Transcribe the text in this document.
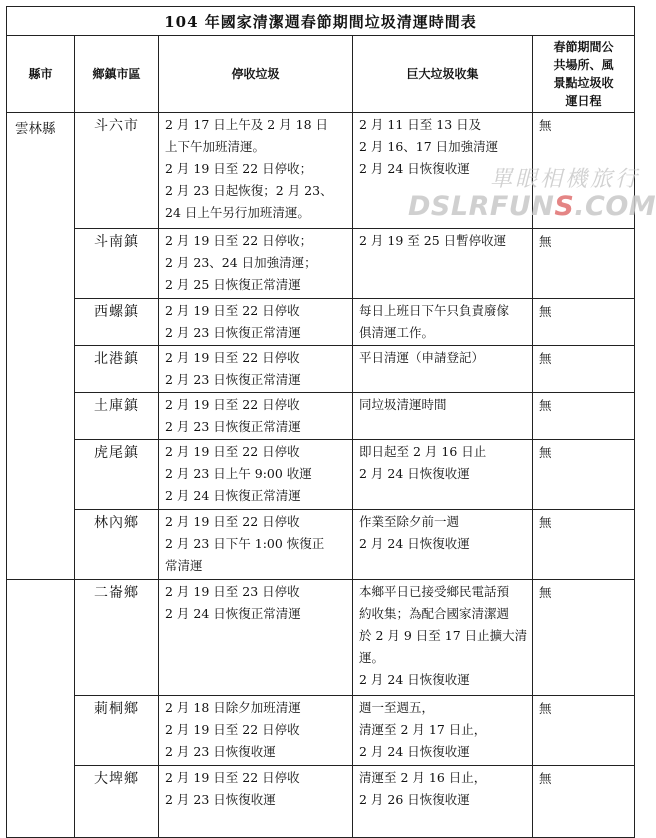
104 年國家清潔週春節期間垃圾清運時間表				
縣市	鄉鎮市區	停收垃圾	巨大垃圾收集	春節期間公
共場所、風
景點垃圾收
運日程

雲林縣	斗六市	2 月 17 日上午及 2 月 18 日
上下午加班清運。
2 月 19 日至 22 日停收；
2 月 23 日起恢復；2 月 23、
24 日上午另行加班清運。	2 月 11 日至 13 日及
2 月 16、17 日加強清運
2 月 24 日恢復收運	無
	斗南鎮	2 月 19 日至 22 日停收；
2 月 23、24 日加強清運；
2 月 25 日恢復正常清運	2 月 19 至 25 日暫停收運	無
	西螺鎮	2 月 19 日至 22 日停收
2 月 23 日恢復正常清運	每日上班日下午只負責廢傢
俱清運工作。	無
	北港鎮	2 月 19 日至 22 日停收
2 月 23 日恢復正常清運	平日清運（申請登記）	無
	土庫鎮	2 月 19 日至 22 日停收
2 月 23 日恢復正常清運	同垃圾清運時間	無
	虎尾鎮	2 月 19 日至 22 日停收
2 月 23 日上午 9:00 收運
2 月 24 日恢復正常清運	即日起至 2 月 16 日止
2 月 24 日恢復收運	無
	林內鄉	2 月 19 日至 22 日停收
2 月 23 日下午 1:00 恢復正
常清運	作業至除夕前一週
2 月 24 日恢復收運	無
	二崙鄉	2 月 19 日至 23 日停收
2 月 24 日恢復正常清運	本鄉平日已接受鄉民電話預
約收集；為配合國家清潔週
於 2 月 9 日至 17 日止擴大清
運。
2 月 24 日恢復收運	無
	莿桐鄉	2 月 18 日除夕加班清運
2 月 19 日至 22 日停收
2 月 23 日恢復收運	週一至週五，
清運至 2 月 17 日止，
2 月 24 日恢復收運	無
	大埤鄉	2 月 19 日至 22 日停收
2 月 23 日恢復收運	清運至 2 月 16 日止，
2 月 26 日恢復收運	無
單眼相機旅行
DSLRFUNS.COM
